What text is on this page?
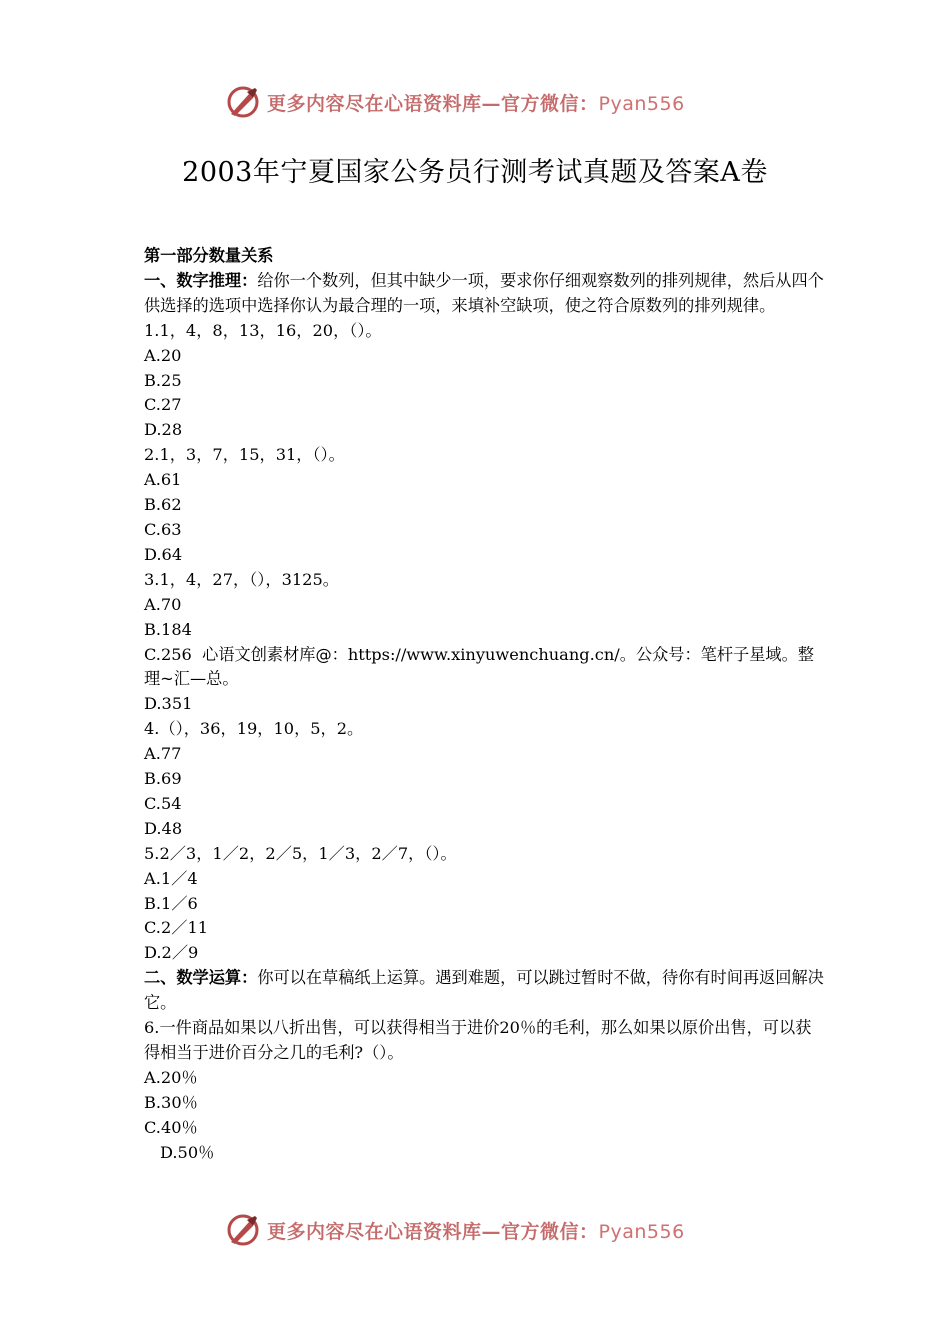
更多内容尽在心语资料库—官方微信：Pyan556
2003年宁夏国家公务员行测考试真题及答案A卷
第一部分数量关系
一、数字推理：给你一个数列，但其中缺少一项，要求你仔细观察数列的排列规律，然后从四个供选择的选项中选择你认为最合理的一项，来填补空缺项，使之符合原数列的排列规律。
1.1，4，8，13，16，20，（）。
A.20
B.25
C.27
D.28
2.1，3，7，15，31，（）。
A.61
B.62
C.63
D.64
3.1，4，27，（），3125。
A.70
B.184
C.256 心语文创素材库@：https://www.xinyuwenchuang.cn/。公众号：笔杆子星域。整理~汇—总。
D.351
4.（），36，19，10，5，2。
A.77
B.69
C.54
D.48
5.2／3，1／2，2／5，1／3，2／7，（）。
A.1／4
B.1／6
C.2／11
D.2／9
二、数学运算：你可以在草稿纸上运算。遇到难题，可以跳过暂时不做，待你有时间再返回解决它。
6.一件商品如果以八折出售，可以获得相当于进价20％的毛利，那么如果以原价出售，可以获得相当于进价百分之几的毛利?（）。
A.20％
B.30％
C.40％
D.50％
更多内容尽在心语资料库—官方微信：Pyan556
